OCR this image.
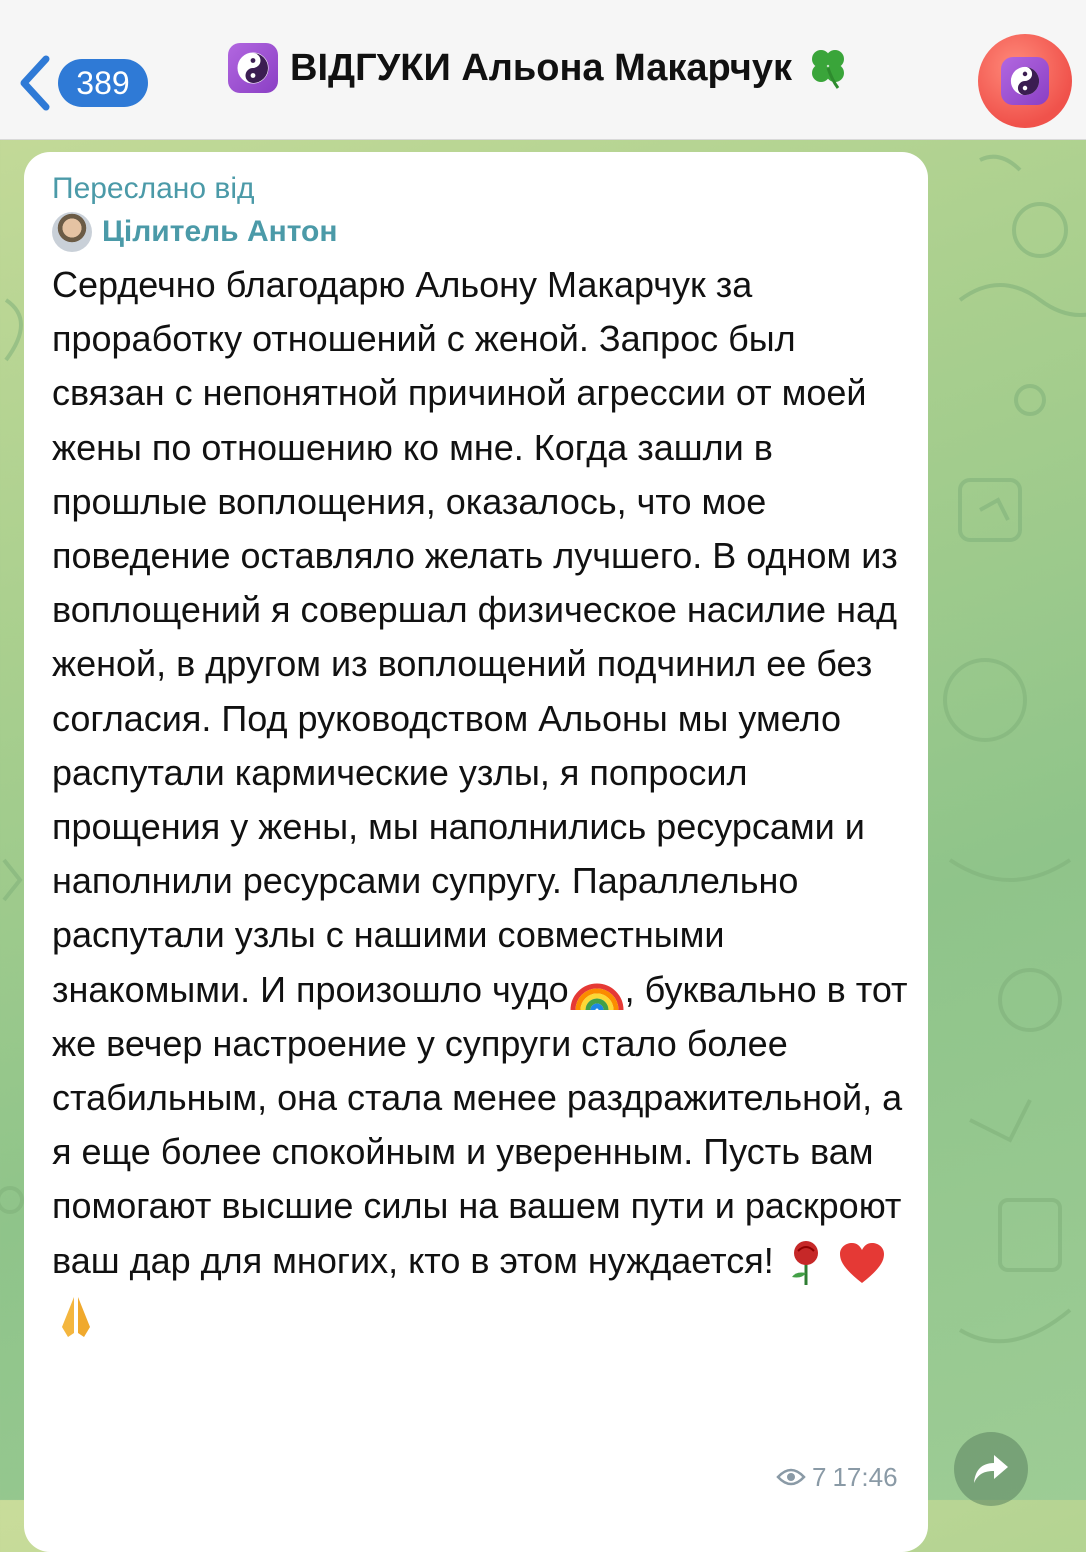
389	ВІДГУКИ Альона Макарчук
Переслано від
Цілитель Антон
Сердечно благодарю Альону Макарчук за проработку отношений с женой. Запрос был связан с непонятной причиной агрессии от моей жены по отношению ко мне. Когда зашли в прошлые воплощения, оказалось, что мое поведение оставляло желать лучшего. В одном из воплощений я совершал физическое насилие над женой, в другом из воплощений подчинил ее без согласия. Под руководством Альоны мы умело распутали кармические узлы, я попросил прощения у жены, мы наполнились ресурсами и наполнили ресурсами супругу. Параллельно распутали узлы с нашими совместными знакомыми. И произошло чудо , буквально в тот же вечер настроение у супруги стало более стабильным, она стала менее раздражительной, а я еще более спокойным и уверенным. Пусть вам помогают высшие силы на вашем пути и раскроют ваш дар для многих, кто в этом нуждается!
7 17:46
